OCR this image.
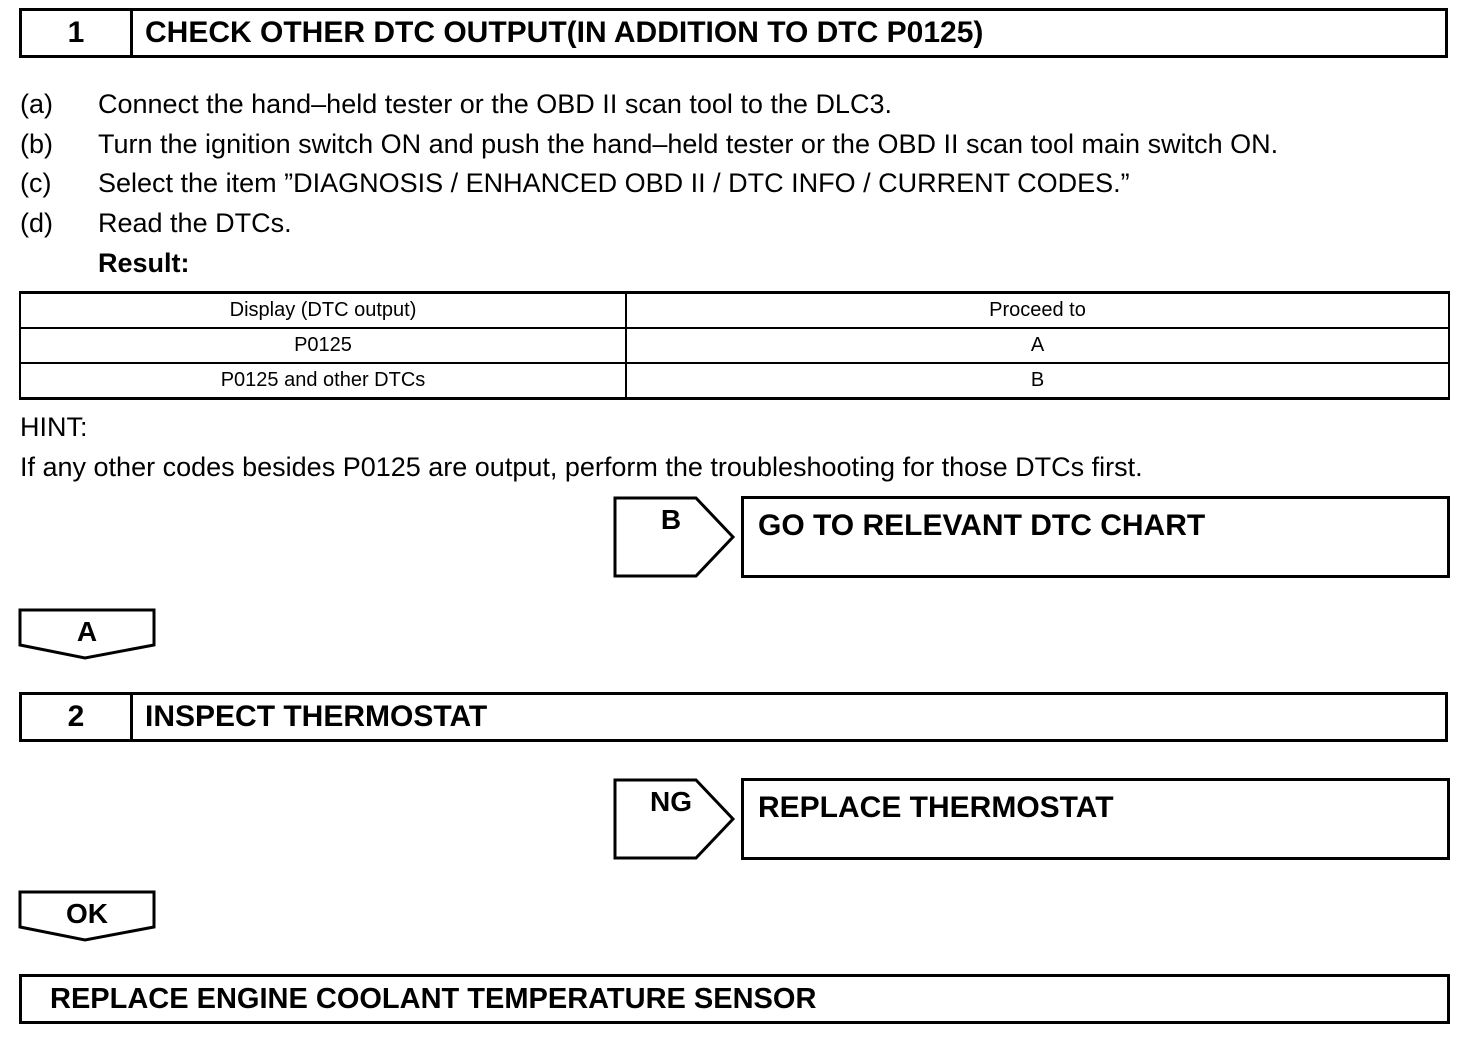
1	CHECK OTHER DTC OUTPUT(IN ADDITION TO DTC P0125)
(a) Connect the hand–held tester or the OBD II scan tool to the DLC3.
(b) Turn the ignition switch ON and push the hand–held tester or the OBD II scan tool main switch ON.
(c) Select the item ”DIAGNOSIS / ENHANCED OBD II / DTC INFO / CURRENT CODES.”
(d) Read the DTCs.
Result:
Display (DTC output)	Proceed to
P0125	A
P0125 and other DTCs	B
HINT:
If any other codes besides P0125 are output, perform the troubleshooting for those DTCs first.
B	GO TO RELEVANT DTC CHART
A
2	INSPECT THERMOSTAT
NG	REPLACE THERMOSTAT
OK
REPLACE ENGINE COOLANT TEMPERATURE SENSOR
